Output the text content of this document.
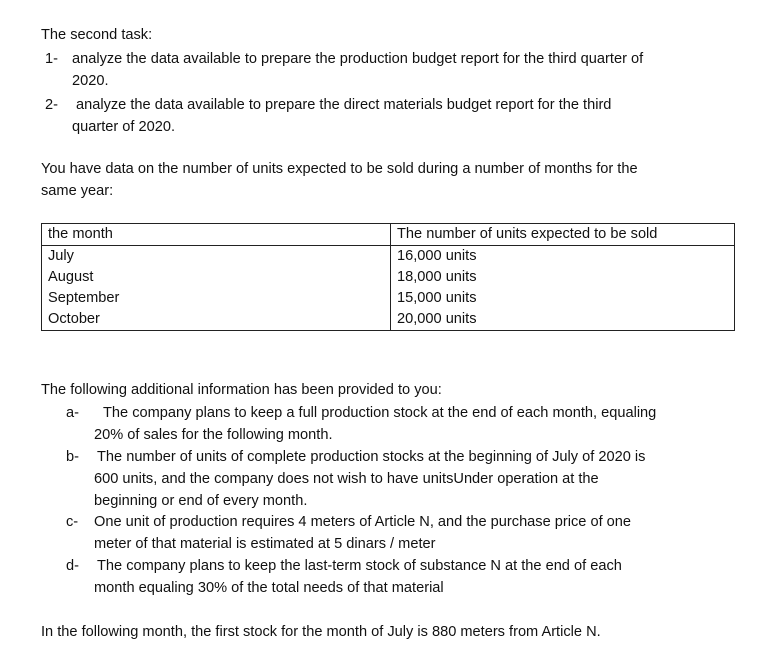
The second task:
1- analyze the data available to prepare the production budget report for the third quarter of
2020.
2- analyze the data available to prepare the direct materials budget report for the third
quarter of 2020.
You have data on the number of units expected to be sold during a number of months for the
same year:
the month	The number of units expected to be sold
July	16,000 units
August	18,000 units
September	15,000 units
October	20,000 units
The following additional information has been provided to you:
a- The company plans to keep a full production stock at the end of each month, equaling
20% of sales for the following month.
b- The number of units of complete production stocks at the beginning of July of 2020 is
600 units, and the company does not wish to have unitsUnder operation at the
beginning or end of every month.
c- One unit of production requires 4 meters of Article N, and the purchase price of one
meter of that material is estimated at 5 dinars / meter
d- The company plans to keep the last-term stock of substance N at the end of each
month equaling 30% of the total needs of that material
In the following month, the first stock for the month of July is 880 meters from Article N.
